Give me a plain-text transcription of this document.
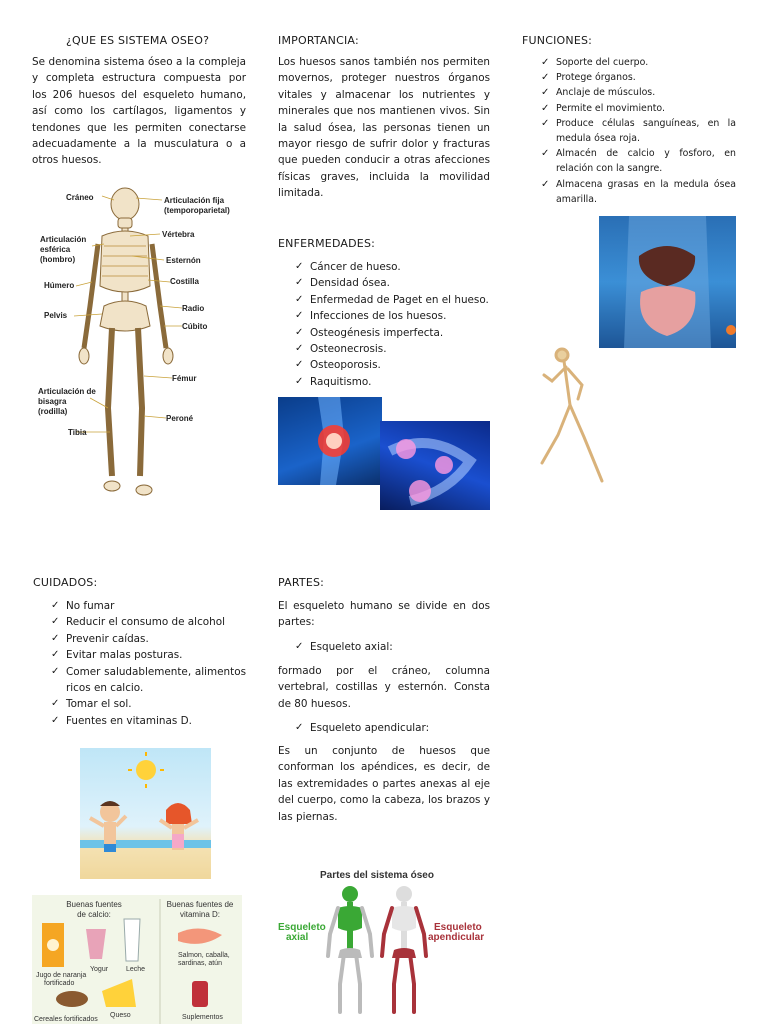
¿QUE ES SISTEMA OSEO?

Se denomina sistema óseo a la compleja y completa estructura compuesta por los 206 huesos del esqueleto humano, así como los cartílagos, ligamentos y tendones que les permiten conectarse adecuadamente a la musculatura o a otros huesos.

Cráneo	Articulación fija
(temporoparietal)
Vértebra
Articulación
esférica
(hombro)	Esternón
Húmero	Costilla
Radio
Pelvis
Cúbito
Fémur
Articulación de
bisagra
(rodilla)
Peroné
Tibia
IMPORTANCIA:

Los huesos sanos también nos permiten movernos, proteger nuestros órganos vitales y almacenar los nutrientes y minerales que nos mantienen vivos. Sin la salud ósea, las personas tienen un mayor riesgo de sufrir dolor y fracturas que pueden conducir a otras afecciones físicas graves, incluida la movilidad limitada.

ENFERMEDADES:
✓ Cáncer de hueso.
✓ Densidad ósea.
✓ Enfermedad de Paget en el hueso.
✓ Infecciones de los huesos.
✓ Osteogénesis imperfecta.
✓ Osteonecrosis.
✓ Osteoporosis.
✓ Raquitismo.
FUNCIONES:
✓ Soporte del cuerpo.
✓ Protege órganos.
✓ Anclaje de músculos.
✓ Permite el movimiento.
✓ Produce células sanguíneas, en la medula ósea roja.
✓ Almacén de calcio y fosforo, en relación con la sangre.
✓ Almacena grasas en la medula ósea amarilla.
CUIDADOS:
✓ No fumar
✓ Reducir el consumo de alcohol
✓ Prevenir caídas.
✓ Evitar malas posturas.
✓ Comer saludablemente, alimentos ricos en calcio.
✓ Tomar el sol.
✓ Fuentes en vitaminas D.
Buenas fuentes
de calcio:
Buenas fuentes de
vitamina D:
Jugo de naranja
fortificado
Yogur	Leche
Cereales fortificados
Queso
Salmon, caballa,
sardinas, atún
Suplementos
PARTES:

El esqueleto humano se divide en dos partes:

✓ Esqueleto axial:

formado por el cráneo, columna vertebral, costillas y esternón. Consta de 80 huesos.

✓ Esqueleto apendicular:

Es un conjunto de huesos que conforman los apéndices, es decir, de las extremidades o partes anexas al eje del cuerpo, como la cabeza, los brazos y las piernas.

Partes del sistema óseo
Esqueleto
axial
Esqueleto
apendicular
